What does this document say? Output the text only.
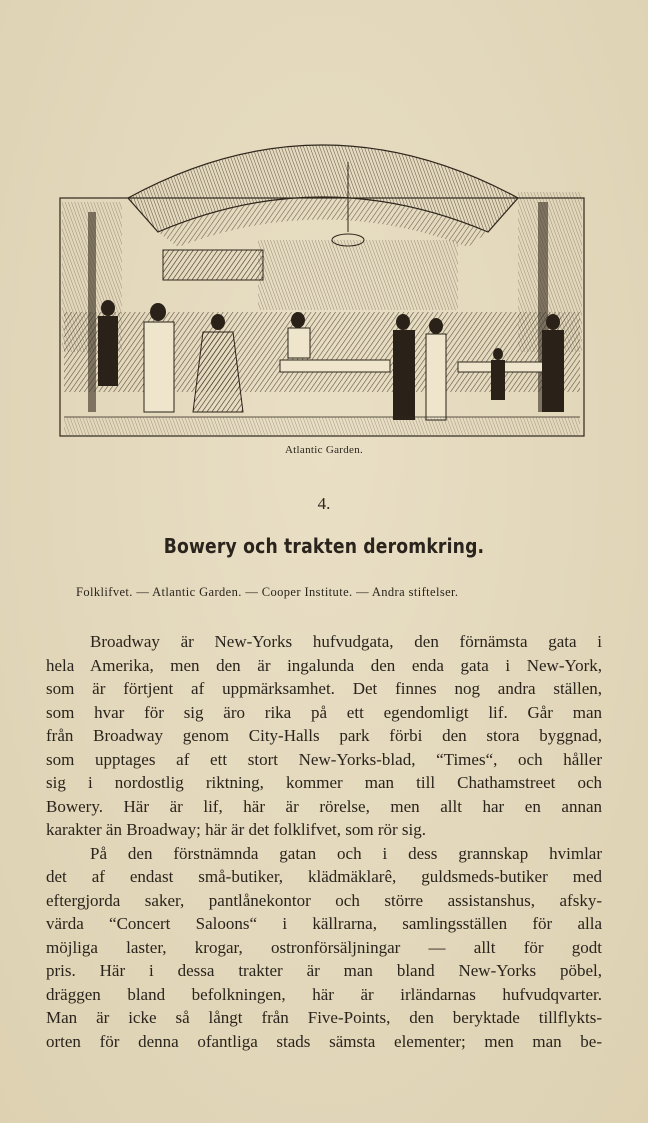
Atlantic Garden.
4.
Bowery och trakten deromkring.
Folklifvet. — Atlantic Garden. — Cooper Institute. — Andra stiftelser.
Broadway är New-Yorks hufvudgata, den förnämsta gata i
hela Amerika, men den är ingalunda den enda gata i New-York,
som är förtjent af uppmärksamhet. Det finnes nog andra ställen,
som hvar för sig äro rika på ett egendomligt lif. Går man
från Broadway genom City-Halls park förbi den stora byggnad,
som upptages af ett stort New-Yorks-blad, “Times“, och håller
sig i nordostlig riktning, kommer man till Chathamstreet och
Bowery. Här är lif, här är rörelse, men allt har en annan
karakter än Broadway; här är det folklifvet, som rör sig.
På den förstnämnda gatan och i dess grannskap hvimlar
det af endast små-butiker, klädmäklarê, guldsmeds-butiker med
eftergjorda saker, pantlånekontor och större assistanshus, afsky-
värda “Concert Saloons“ i källrarna, samlingsställen för alla
möjliga laster, krogar, ostronförsäljningar — allt för godt
pris. Här i dessa trakter är man bland New-Yorks pöbel,
dräggen bland befolkningen, här är irländarnas hufvudqvarter.
Man är icke så långt från Five-Points, den beryktade tillflykts-
orten för denna ofantliga stads sämsta elementer; men man be-
